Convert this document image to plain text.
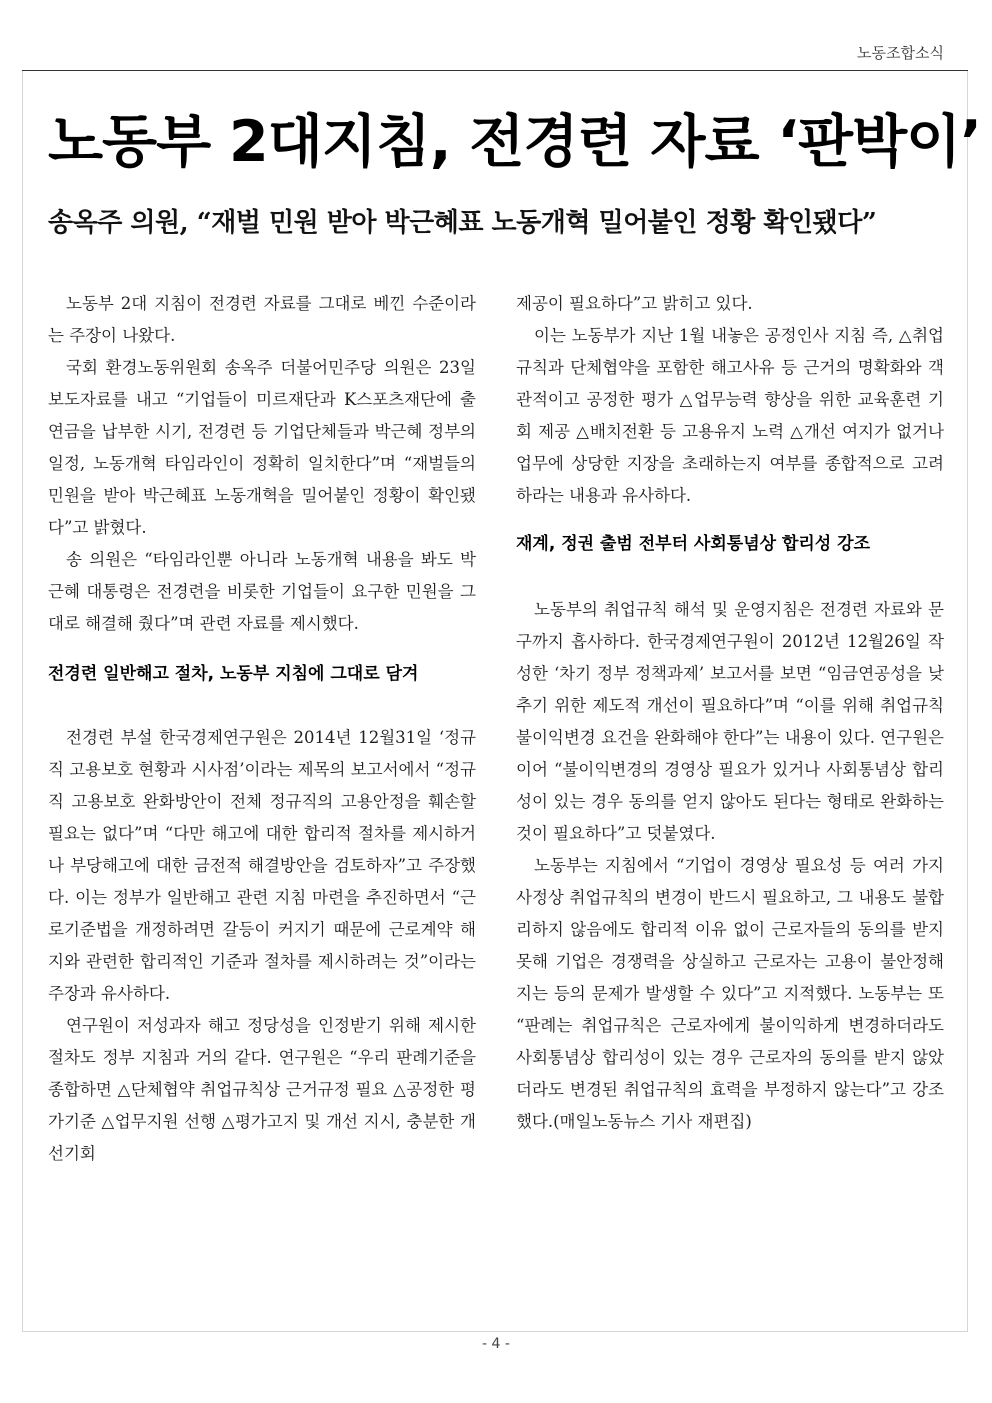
노동조합소식
노동부 2대지침, 전경련 자료 ‘판박이’
송옥주 의원, “재벌 민원 받아 박근혜표 노동개혁 밀어붙인 정황 확인됐다”

노동부 2대 지침이 전경련 자료를 그대로 베낀 수준이라는 주장이 나왔다.

국회 환경노동위원회 송옥주 더불어민주당 의원은 23일 보도자료를 내고 “기업들이 미르재단과 K스포츠재단에 출연금을 납부한 시기, 전경련 등 기업단체들과 박근혜 정부의 일정, 노동개혁 타임라인이 정확히 일치한다”며 “재벌들의 민원을 받아 박근혜표 노동개혁을 밀어붙인 정황이 확인됐다”고 밝혔다.

송 의원은 “타임라인뿐 아니라 노동개혁 내용을 봐도 박근혜 대통령은 전경련을 비롯한 기업들이 요구한 민원을 그대로 해결해 줬다”며 관련 자료를 제시했다.

전경련 일반해고 절차, 노동부 지침에 그대로 담겨

전경련 부설 한국경제연구원은 2014년 12월31일 ‘정규직 고용보호 현황과 시사점’이라는 제목의 보고서에서 “정규직 고용보호 완화방안이 전체 정규직의 고용안정을 훼손할 필요는 없다”며 “다만 해고에 대한 합리적 절차를 제시하거나 부당해고에 대한 금전적 해결방안을 검토하자”고 주장했다. 이는 정부가 일반해고 관련 지침 마련을 추진하면서 “근로기준법을 개정하려면 갈등이 커지기 때문에 근로계약 해지와 관련한 합리적인 기준과 절차를 제시하려는 것”이라는 주장과 유사하다.

연구원이 저성과자 해고 정당성을 인정받기 위해 제시한 절차도 정부 지침과 거의 같다. 연구원은 “우리 판례기준을 종합하면 △단체협약 취업규칙상 근거규정 필요 △공정한 평가기준 △업무지원 선행 △평가고지 및 개선 지시, 충분한 개선기회

제공이 필요하다”고 밝히고 있다.

이는 노동부가 지난 1월 내놓은 공정인사 지침 즉, △취업규칙과 단체협약을 포함한 해고사유 등 근거의 명확화와 객관적이고 공정한 평가 △업무능력 향상을 위한 교육훈련 기회 제공 △배치전환 등 고용유지 노력 △개선 여지가 없거나 업무에 상당한 지장을 초래하는지 여부를 종합적으로 고려하라는 내용과 유사하다.

재계, 정권 출범 전부터 사회통념상 합리성 강조

노동부의 취업규칙 해석 및 운영지침은 전경련 자료와 문구까지 흡사하다. 한국경제연구원이 2012년 12월26일 작성한 ‘차기 정부 정책과제’ 보고서를 보면 “임금연공성을 낮추기 위한 제도적 개선이 필요하다”며 “이를 위해 취업규칙 불이익변경 요건을 완화해야 한다”는 내용이 있다. 연구원은 이어 “불이익변경의 경영상 필요가 있거나 사회통념상 합리성이 있는 경우 동의를 얻지 않아도 된다는 형태로 완화하는 것이 필요하다”고 덧붙였다.

노동부는 지침에서 “기업이 경영상 필요성 등 여러 가지 사정상 취업규칙의 변경이 반드시 필요하고, 그 내용도 불합리하지 않음에도 합리적 이유 없이 근로자들의 동의를 받지 못해 기업은 경쟁력을 상실하고 근로자는 고용이 불안정해지는 등의 문제가 발생할 수 있다”고 지적했다. 노동부는 또 “판례는 취업규칙은 근로자에게 불이익하게 변경하더라도 사회통념상 합리성이 있는 경우 근로자의 동의를 받지 않았더라도 변경된 취업규칙의 효력을 부정하지 않는다”고 강조했다.(매일노동뉴스 기사 재편집)

- 4 -
